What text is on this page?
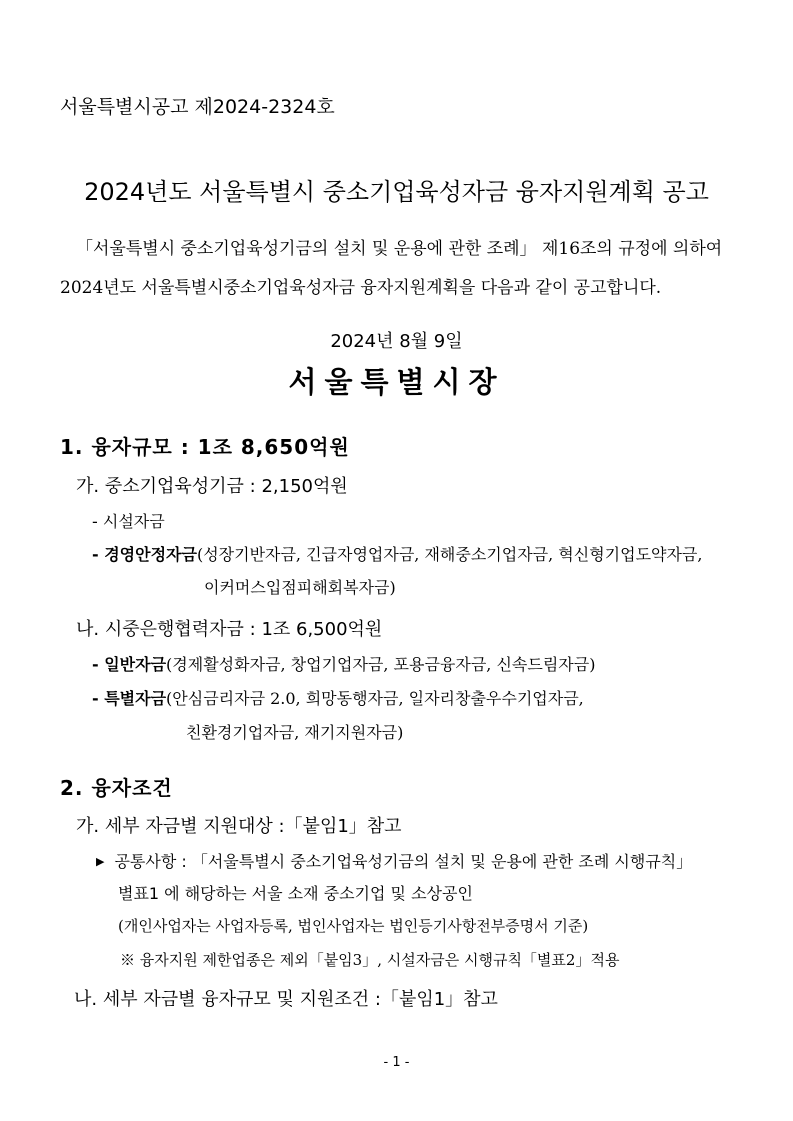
서울특별시공고 제2024-2324호
2024년도 서울특별시 중소기업육성자금 융자지원계획 공고
「서울특별시 중소기업육성기금의 설치 및 운용에 관한 조례」 제16조의 규정에 의하여
2024년도 서울특별시중소기업육성자금 융자지원계획을 다음과 같이 공고합니다.
2024년 8월 9일
서울특별시장
1. 융자규모 : 1조 8,650억원
가. 중소기업육성기금 : 2,150억원
- 시설자금
- 경영안정자금(성장기반자금, 긴급자영업자금, 재해중소기업자금, 혁신형기업도약자금,
이커머스입점피해회복자금)
나. 시중은행협력자금 : 1조 6,500억원
- 일반자금(경제활성화자금, 창업기업자금, 포용금융자금, 신속드림자금)
- 특별자금(안심금리자금 2.0, 희망동행자금, 일자리창출우수기업자금,
친환경기업자금, 재기지원자금)
2. 융자조건
가. 세부 자금별 지원대상 :「붙임1」참고
▶ 공통사항 : 「서울특별시 중소기업육성기금의 설치 및 운용에 관한 조례 시행규칙」
별표1 에 해당하는 서울 소재 중소기업 및 소상공인
(개인사업자는 사업자등록, 법인사업자는 법인등기사항전부증명서 기준)
※ 융자지원 제한업종은 제외「붙임3」, 시설자금은 시행규칙「별표2」적용
나. 세부 자금별 융자규모 및 지원조건 :「붙임1」참고
- 1 -
